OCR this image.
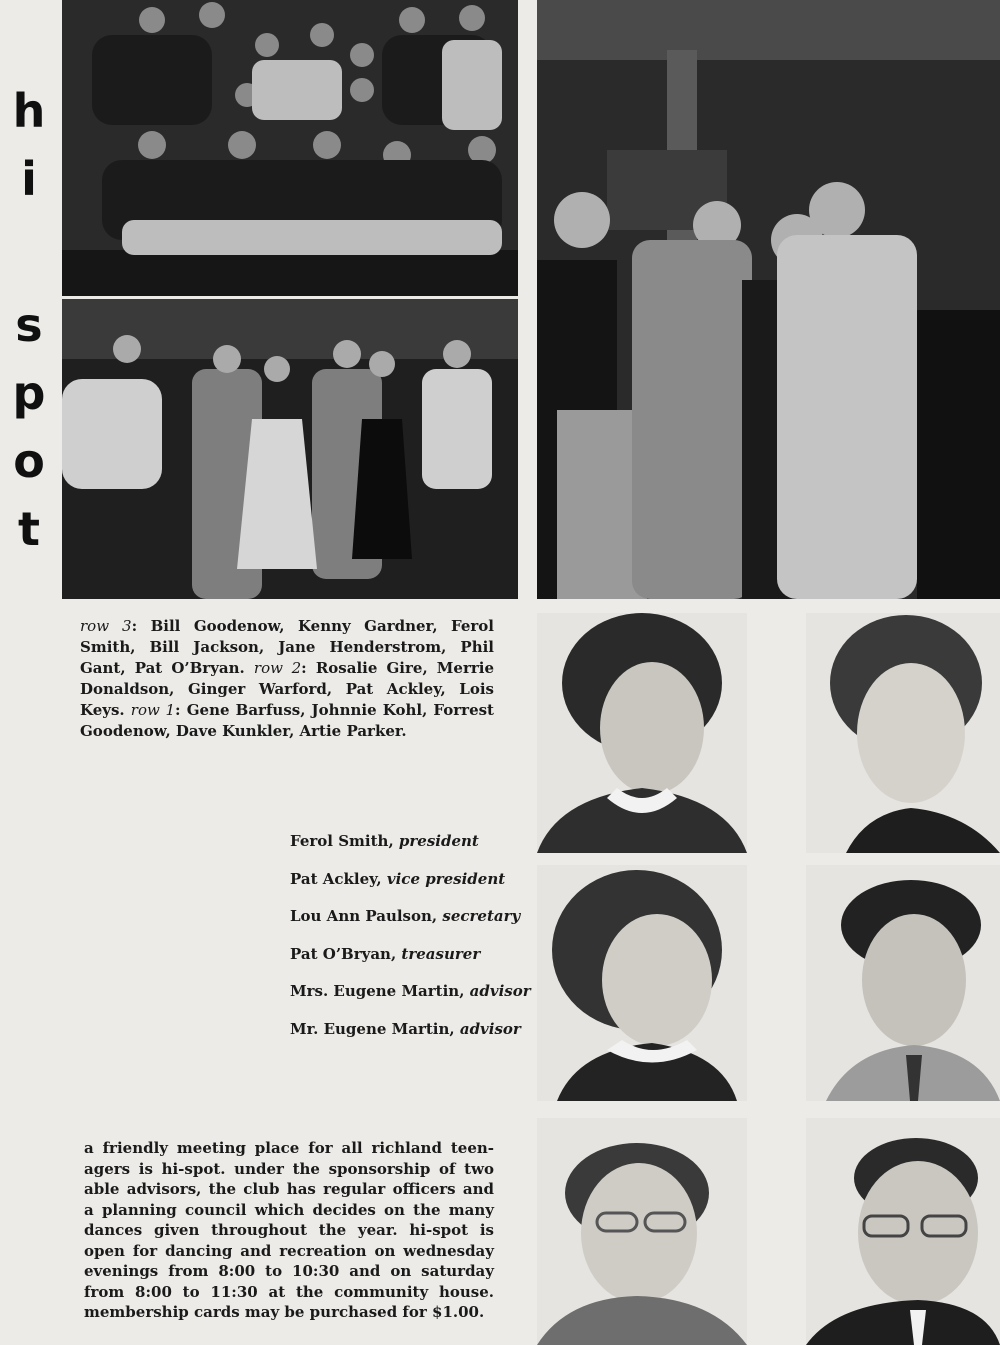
h
i
s
p
o
t

row 3: Bill Goodenow, Kenny Gardner, Ferol Smith, Bill Jackson, Jane Henderstrom, Phil Gant, Pat O’Bryan. row 2: Rosalie Gire, Merrie Donaldson, Ginger Warford, Pat Ackley, Lois Keys. row 1: Gene Barfuss, Johnnie Kohl, Forrest Goodenow, Dave Kunkler, Artie Parker.

Ferol Smith, president
Pat Ackley, vice president
Lou Ann Paulson, secretary
Pat O’Bryan, treasurer
Mrs. Eugene Martin, advisor
Mr. Eugene Martin, advisor

a friendly meeting place for all richland teen-agers is hi-spot. under the sponsorship of two able advisors, the club has regular officers and a planning council which decides on the many dances given throughout the year. hi-spot is open for dancing and recreation on wednesday evenings from 8:00 to 10:30 and on saturday from 8:00 to 11:30 at the community house. membership cards may be purchased for $1.00.
